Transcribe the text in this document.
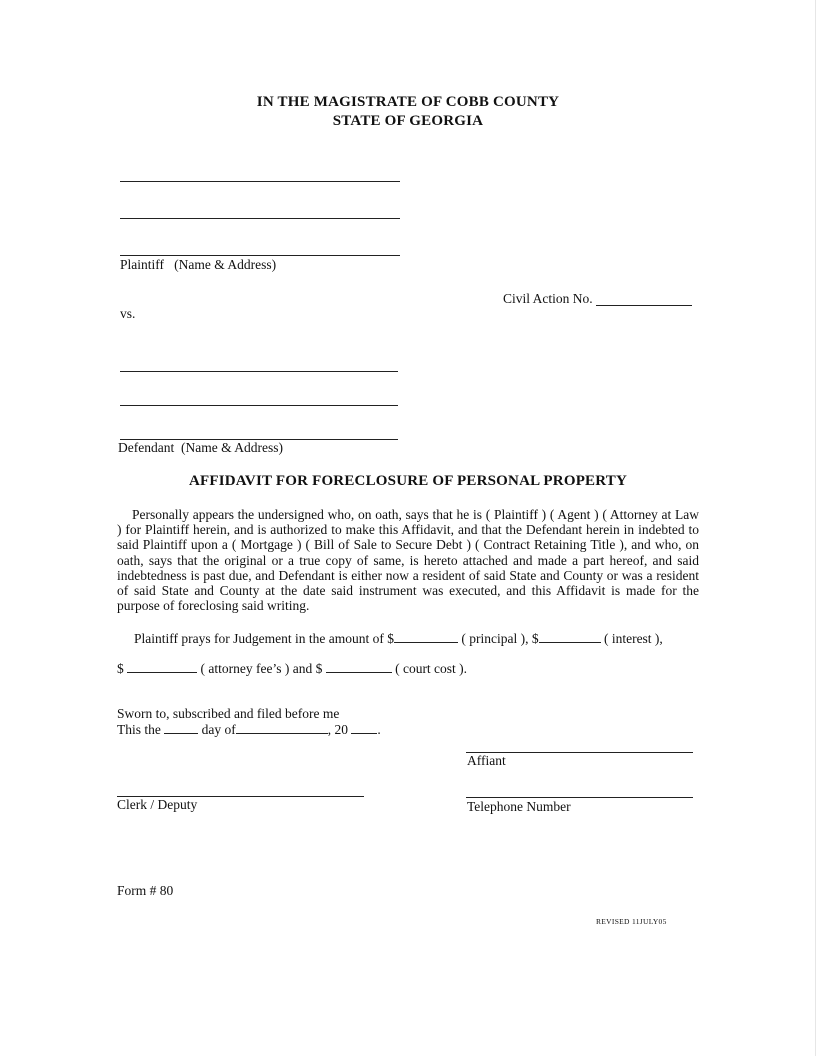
IN THE MAGISTRATE OF COBB COUNTY
STATE OF GEORGIA
Plaintiff   (Name & Address)
Civil Action No.
vs.
Defendant  (Name & Address)
AFFIDAVIT FOR FORECLOSURE OF PERSONAL PROPERTY
Personally appears the undersigned who, on oath, says that he is ( Plaintiff ) ( Agent ) ( Attorney at Law ) for Plaintiff herein, and is authorized to make this Affidavit, and that the Defendant herein in indebted to said Plaintiff upon a ( Mortgage ) ( Bill of Sale to Secure Debt ) ( Contract Retaining Title ), and who, on oath, says that the original or a true copy of same, is hereto attached and made a part hereof, and said indebtedness is past due, and Defendant is either now a resident of said State and County or was a resident of said State and County at the date said instrument was executed, and this Affidavit is made for the purpose of foreclosing said writing.
Plaintiff prays for Judgement in the amount of $	( principal ), $	( interest ),
$	( attorney fee’s ) and $	( court cost ).
Sworn to, subscribed and filed before me
This the	day of	, 20 .
Affiant
Clerk / Deputy	Telephone Number
Form # 80
REVISED 11JULY05
